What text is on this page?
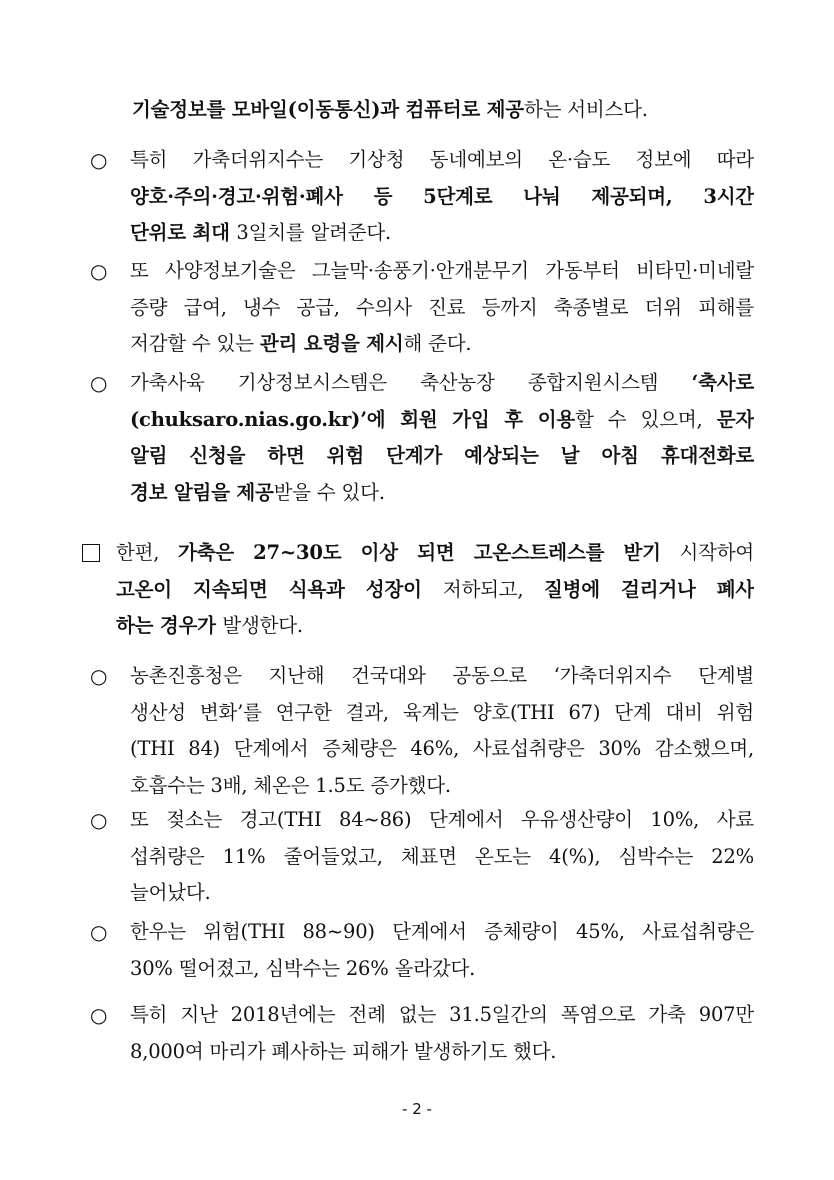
기술정보를 모바일(이동통신)과 컴퓨터로 제공하는 서비스다.
○ 특히 가축더위지수는 기상청 동네예보의 온·습도 정보에 따라
양호·주의·경고·위험·폐사 등 5단계로 나눠 제공되며, 3시간
단위로 최대 3일치를 알려준다.
○ 또 사양정보기술은 그늘막·송풍기·안개분무기 가동부터 비타민·미네랄
증량 급여, 냉수 공급, 수의사 진료 등까지 축종별로 더위 피해를
저감할 수 있는 관리 요령을 제시해 준다.
○ 가축사육 기상정보시스템은 축산농장 종합지원시스템 ‘축사로
(chuksaro.nias.go.kr)’에 회원 가입 후 이용할 수 있으며, 문자
알림 신청을 하면 위험 단계가 예상되는 날 아침 휴대전화로
경보 알림을 제공받을 수 있다.
한편, 가축은 27~30도 이상 되면 고온스트레스를 받기 시작하여
고온이 지속되면 식욕과 성장이 저하되고, 질병에 걸리거나 폐사
하는 경우가 발생한다.
○ 농촌진흥청은 지난해 건국대와 공동으로 ‘가축더위지수 단계별
생산성 변화’를 연구한 결과, 육계는 양호(THI 67) 단계 대비 위험
(THI 84) 단계에서 증체량은 46%, 사료섭취량은 30% 감소했으며,
호흡수는 3배, 체온은 1.5도 증가했다.
○ 또 젖소는 경고(THI 84~86) 단계에서 우유생산량이 10%, 사료
섭취량은 11% 줄어들었고, 체표면 온도는 4(%), 심박수는 22%
늘어났다.
○ 한우는 위험(THI 88~90) 단계에서 증체량이 45%, 사료섭취량은
30% 떨어졌고, 심박수는 26% 올라갔다.
○ 특히 지난 2018년에는 전례 없는 31.5일간의 폭염으로 가축 907만
8,000여 마리가 폐사하는 피해가 발생하기도 했다.
- 2 -
